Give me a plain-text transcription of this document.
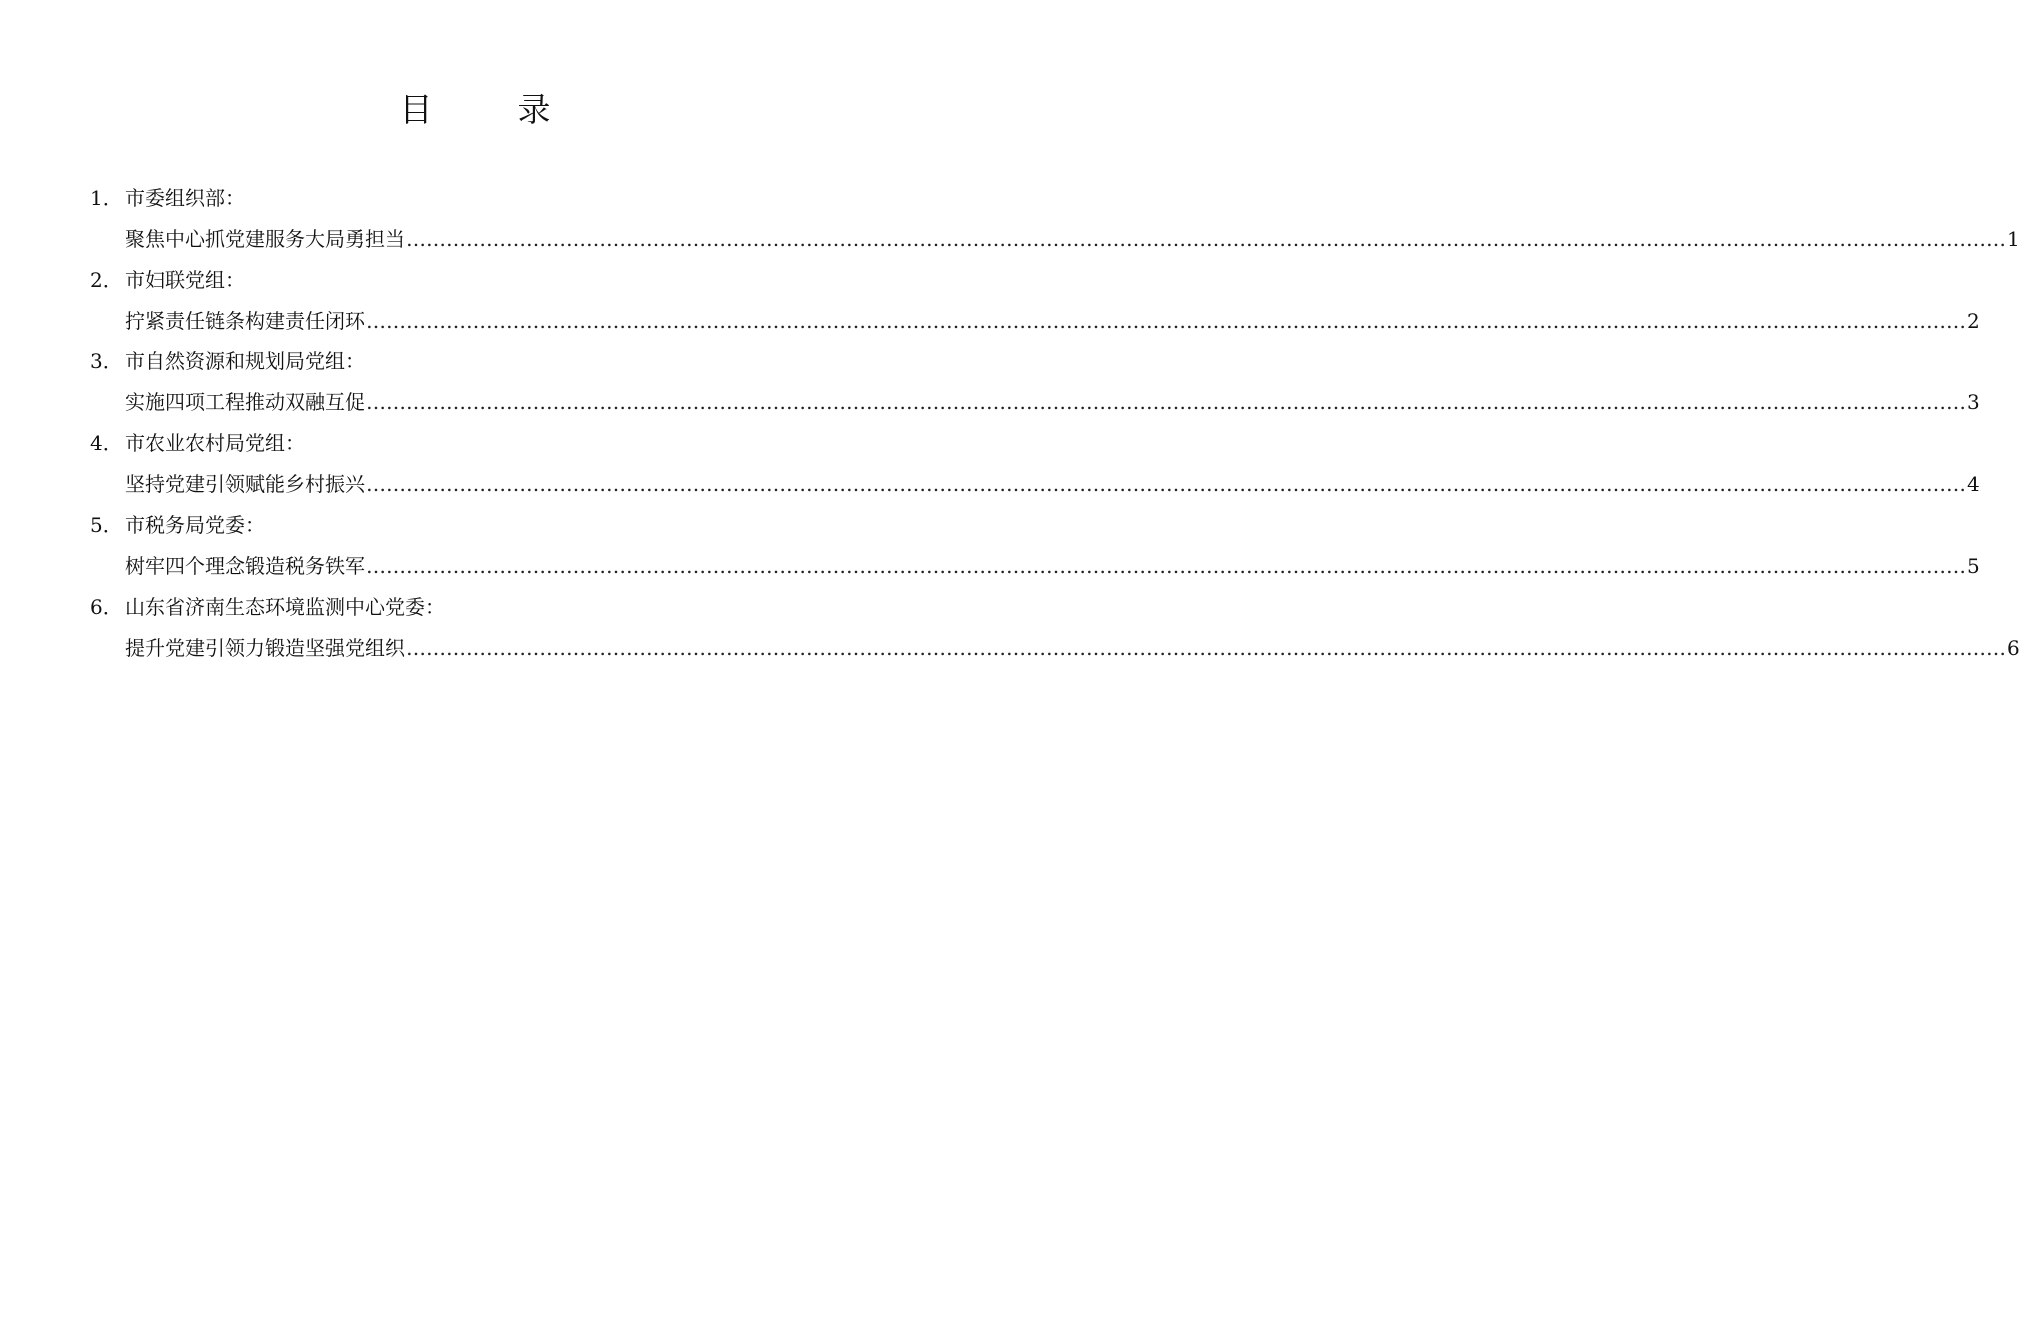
目　录
1． 市委组织部：
聚焦中心抓党建服务大局勇担当 …………………………………………………………………………………………………………………………………………………………………………………………………………………… 1
2． 市妇联党组：
拧紧责任链条构建责任闭环 …………………………………………………………………………………………………………………………………………………………………………………………………………………… 2
3． 市自然资源和规划局党组：
实施四项工程推动双融互促 …………………………………………………………………………………………………………………………………………………………………………………………………………………… 3
4． 市农业农村局党组：
坚持党建引领赋能乡村振兴 …………………………………………………………………………………………………………………………………………………………………………………………………………………… 4
5． 市税务局党委：
树牢四个理念锻造税务铁军 …………………………………………………………………………………………………………………………………………………………………………………………………………………… 5
6． 山东省济南生态环境监测中心党委：
提升党建引领力锻造坚强党组织 …………………………………………………………………………………………………………………………………………………………………………………………………………………… 6
